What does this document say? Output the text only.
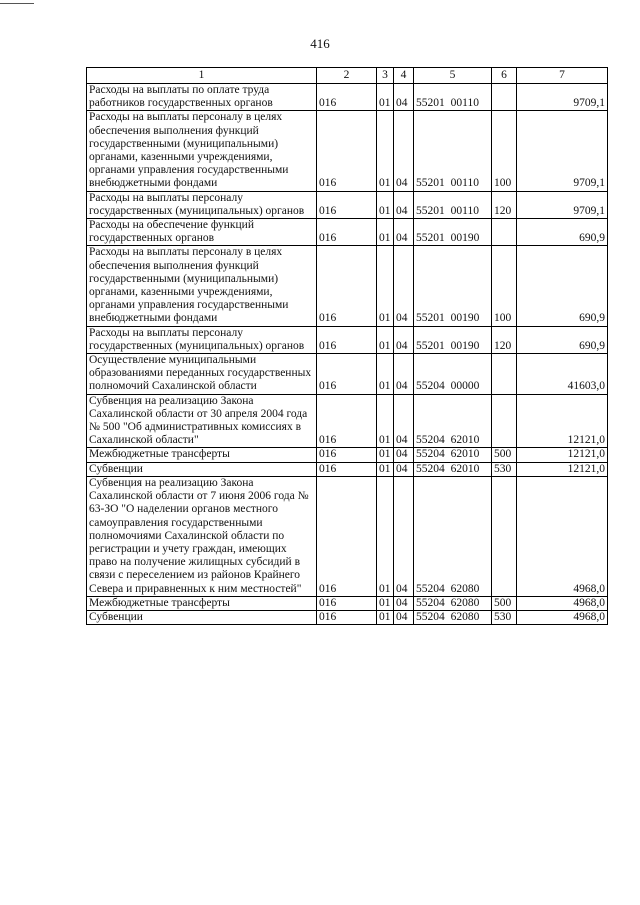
416
1	2	3	4	5	6	7
Расходы на выплаты по оплате труда работников государственных органов	016	01	04	55201 00110		9709,1
Расходы на выплаты персоналу в целях обеспечения выполнения функций государственными (муниципальными) органами, казенными учреждениями, органами управления государственными внебюджетными фондами	016	01	04	55201 00110	100	9709,1
Расходы на выплаты персоналу государственных (муниципальных) органов	016	01	04	55201 00110	120	9709,1
Расходы на обеспечение функций государственных органов	016	01	04	55201 00190		690,9
Расходы на выплаты персоналу в целях обеспечения выполнения функций государственными (муниципальными) органами, казенными учреждениями, органами управления государственными внебюджетными фондами	016	01	04	55201 00190	100	690,9
Расходы на выплаты персоналу государственных (муниципальных) органов	016	01	04	55201 00190	120	690,9
Осуществление муниципальными образованиями переданных государственных полномочий Сахалинской области	016	01	04	55204 00000		41603,0
Субвенция на реализацию Закона Сахалинской области от 30 апреля 2004 года № 500 "Об административных комиссиях в Сахалинской области"	016	01	04	55204 62010		12121,0
Межбюджетные трансферты	016	01	04	55204 62010	500	12121,0
Субвенции	016	01	04	55204 62010	530	12121,0
Субвенция на реализацию Закона Сахалинской области от 7 июня 2006 года № 63-ЗО "О наделении органов местного самоуправления государственными полномочиями Сахалинской области по регистрации и учету граждан, имеющих право на получение жилищных субсидий в связи с переселением из районов Крайнего Севера и приравненных к ним местностей"	016	01	04	55204 62080		4968,0
Межбюджетные трансферты	016	01	04	55204 62080	500	4968,0
Субвенции	016	01	04	55204 62080	530	4968,0
